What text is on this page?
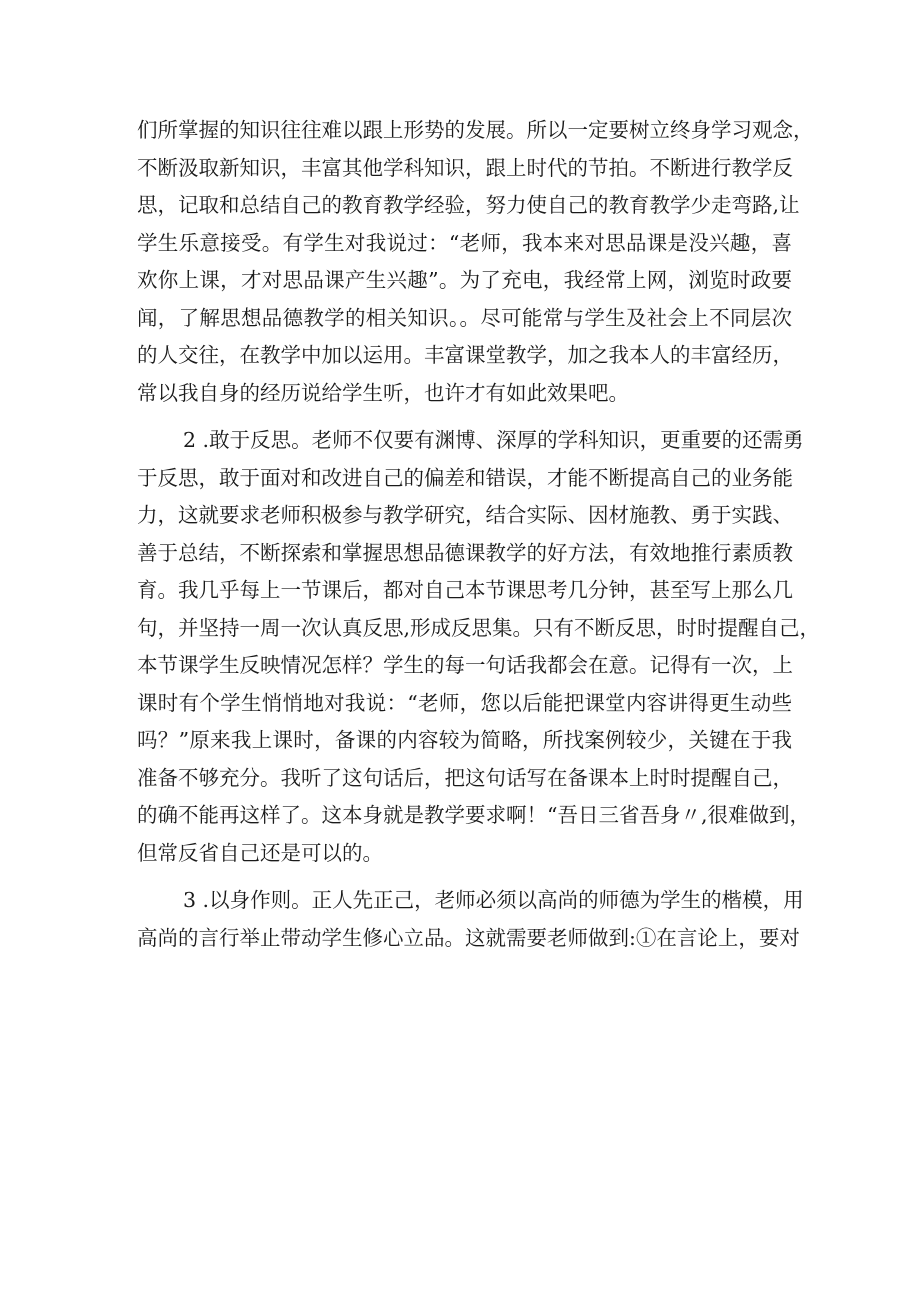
们所掌握的知识往往难以跟上形势的发展。所以一定要树立终身学习观念，
不断汲取新知识，丰富其他学科知识，跟上时代的节拍。不断进行教学反
思，记取和总结自己的教育教学经验，努力使自己的教育教学少走弯路,让
学生乐意接受。有学生对我说过：“老师，我本来对思品课是没兴趣，喜
欢你上课，才对思品课产生兴趣”。为了充电，我经常上网，浏览时政要
闻，了解思想品德教学的相关知识。。尽可能常与学生及社会上不同层次
的人交往，在教学中加以运用。丰富课堂教学，加之我本人的丰富经历，
常以我自身的经历说给学生听，也许才有如此效果吧。
2 .敢于反思。老师不仅要有渊博、深厚的学科知识，更重要的还需勇
于反思，敢于面对和改进自己的偏差和错误，才能不断提高自己的业务能
力，这就要求老师积极参与教学研究，结合实际、因材施教、勇于实践、
善于总结，不断探索和掌握思想品德课教学的好方法，有效地推行素质教
育。我几乎每上一节课后，都对自己本节课思考几分钟，甚至写上那么几
句，并坚持一周一次认真反思,形成反思集。只有不断反思，时时提醒自己，
本节课学生反映情况怎样？学生的每一句话我都会在意。记得有一次，上
课时有个学生悄悄地对我说：“老师，您以后能把课堂内容讲得更生动些
吗？”原来我上课时，备课的内容较为简略，所找案例较少，关键在于我
准备不够充分。我听了这句话后，把这句话写在备课本上时时提醒自己，
的确不能再这样了。这本身就是教学要求啊！“吾日三省吾身〃,很难做到，
但常反省自己还是可以的。
3 .以身作则。正人先正己，老师必须以高尚的师德为学生的楷模，用
高尚的言行举止带动学生修心立品。这就需要老师做到:①在言论上，要对
